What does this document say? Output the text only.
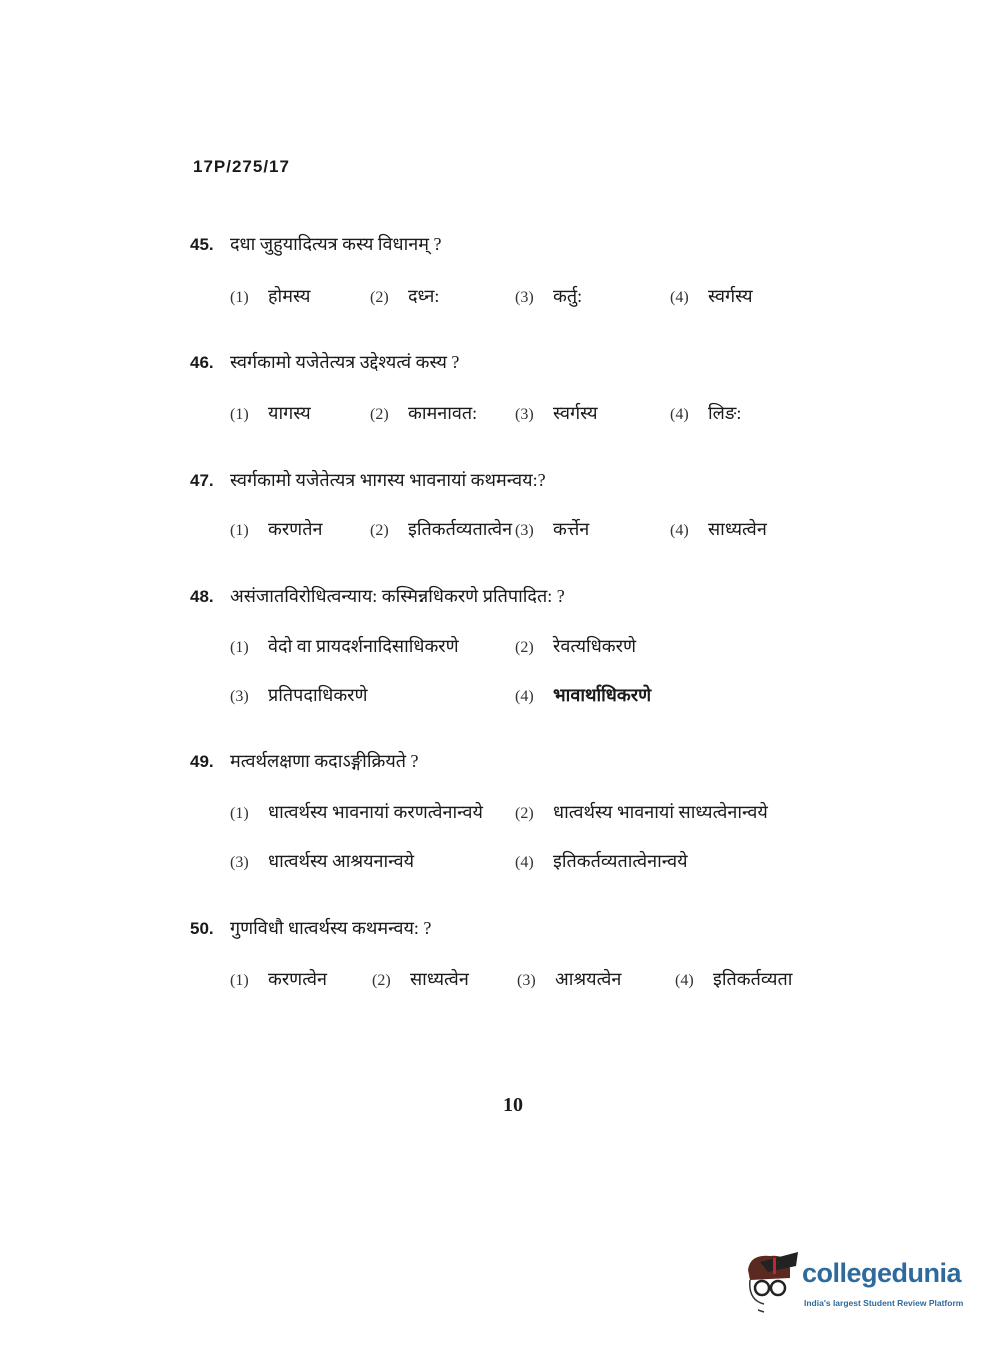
17P/275/17
45. दधा जुहुयादित्यत्र कस्य विधानम् ?
(1) होमस्य	(2) दध्न:	(3) कर्तु:	(4) स्वर्गस्य
46. स्वर्गकामो यजेतेत्यत्र उद्देश्यत्वं कस्य ?
(1) यागस्य	(2) कामनावत: (3) स्वर्गस्य	(4) लिङ:
47. स्वर्गकामो यजेतेत्यत्र भागस्य भावनायां कथमन्वय:?
(1) करणतेन	(2) इतिकर्तव्यतात्वेन (3) कर्त्तेन	(4) साध्यत्वेन
48. असंजातविरोधित्वन्याय: कस्मिन्नधिकरणे प्रतिपादित: ?
(1) वेदो वा प्रायदर्शनादिसाधिकरणे	(2) रेवत्यधिकरणे
(3) प्रतिपदाधिकरणे	(4) भावार्थाधिकरणे
49. मत्वर्थलक्षणा कदाऽङ्गीक्रियते ?
(1) धात्वर्थस्य भावनायां करणत्वेनान्वये (2) धात्वर्थस्य भावनायां साध्यत्वेनान्वये
(3) धात्वर्थस्य आश्रयनान्वये	(4) इतिकर्तव्यतात्वेनान्वये
50. गुणविधौ धात्वर्थस्य कथमन्वय: ?
(1) करणत्वेन	(2) साध्यत्वेन	(3) आश्रयत्वेन	(4) इतिकर्तव्यता
10
collegedunia
India's largest Student Review Platform
